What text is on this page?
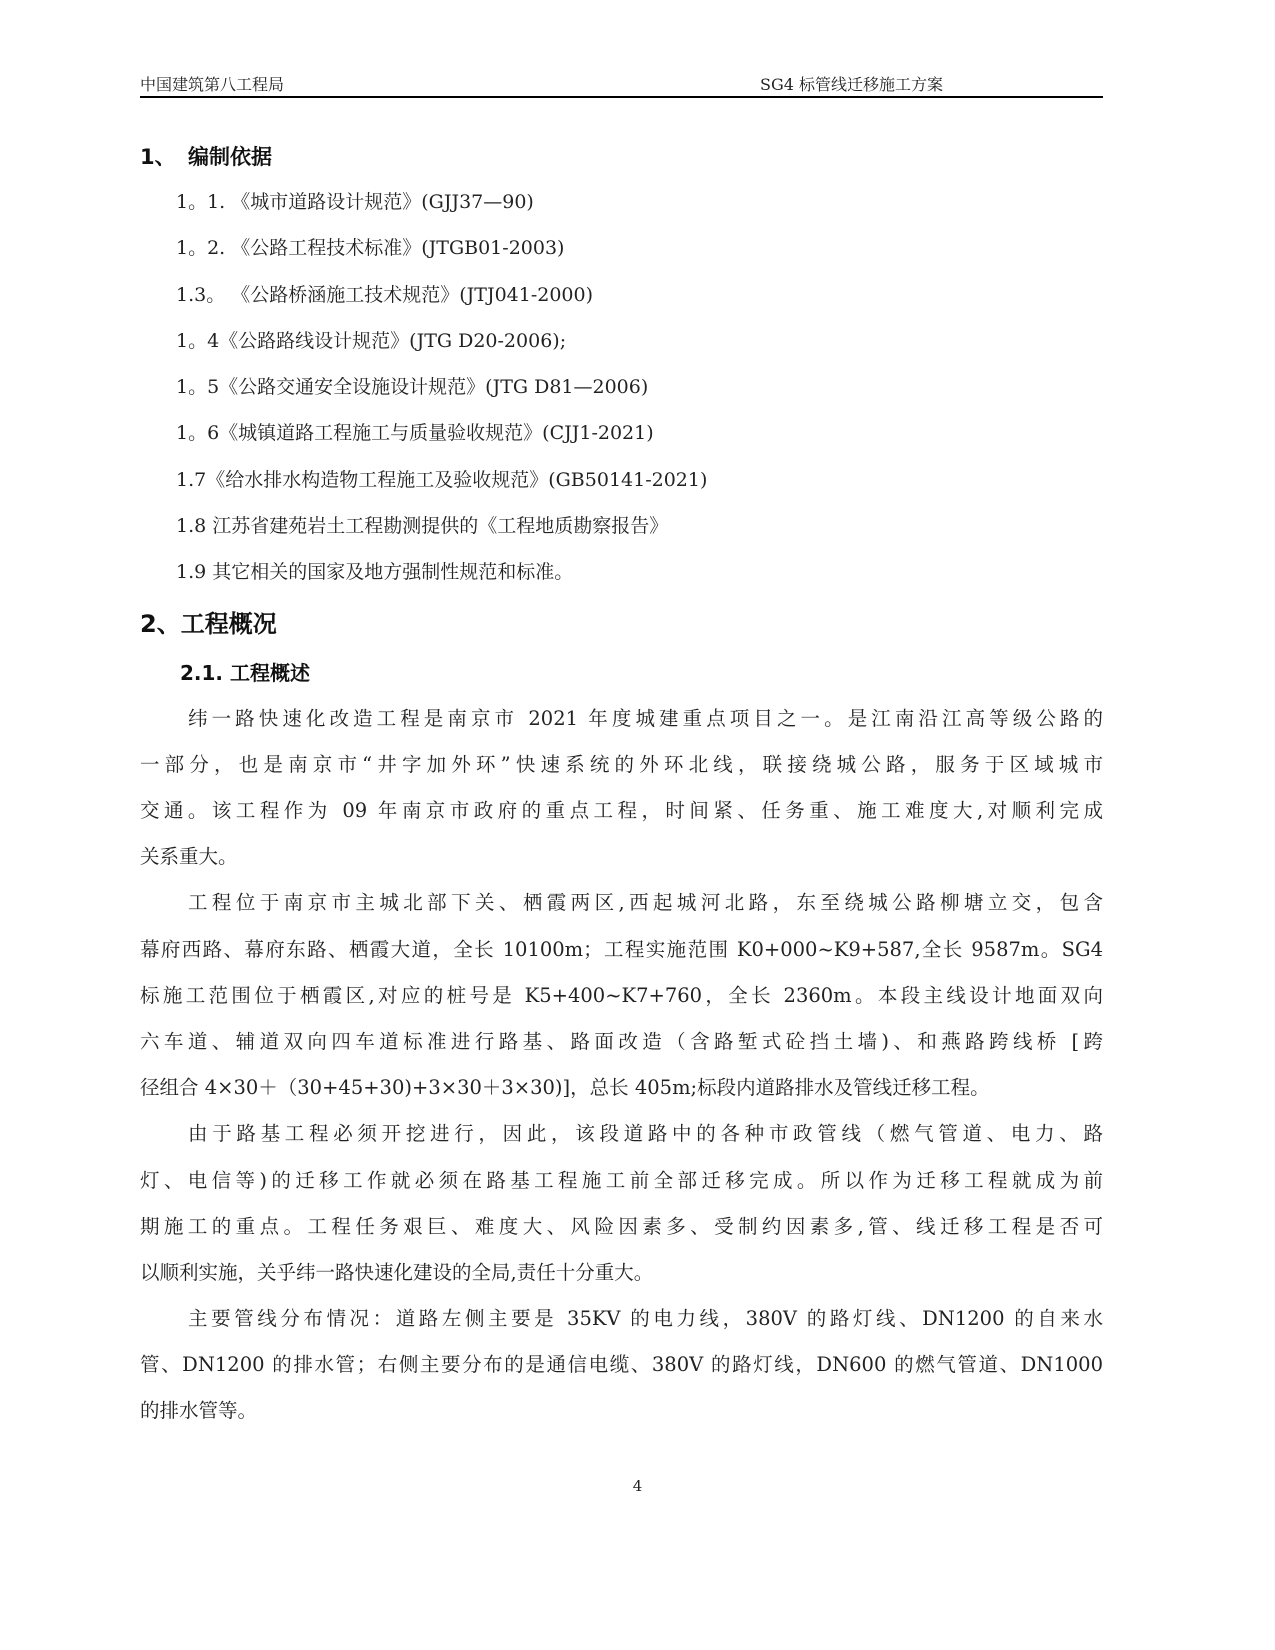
中国建筑第八工程局	SG4 标管线迁移施工方案
1、 编制依据
1。1. 《城市道路设计规范》(GJJ37—90)
1。2. 《公路工程技术标准》(JTGB01-2003)
1.3。 《公路桥涵施工技术规范》(JTJ041-2000)
1。4《公路路线设计规范》(JTG D20-2006);
1。5《公路交通安全设施设计规范》(JTG D81—2006)
1。6《城镇道路工程施工与质量验收规范》(CJJ1-2021)
1.7《给水排水构造物工程施工及验收规范》(GB50141-2021)
1.8 江苏省建苑岩土工程勘测提供的《工程地质勘察报告》
1.9 其它相关的国家及地方强制性规范和标准。
2、工程概况
2.1. 工程概述
纬一路快速化改造工程是南京市 2021 年度城建重点项目之一。是江南沿江高等级公路的
一部分，也是南京市“井字加外环”快速系统的外环北线，联接绕城公路，服务于区域城市
交通。该工程作为 09 年南京市政府的重点工程，时间紧、任务重、施工难度大,对顺利完成
关系重大。
工程位于南京市主城北部下关、栖霞两区,西起城河北路，东至绕城公路柳塘立交，包含
幕府西路、幕府东路、栖霞大道，全长 10100m；工程实施范围 K0+000~K9+587,全长 9587m。SG4
标施工范围位于栖霞区,对应的桩号是 K5+400~K7+760，全长 2360m。本段主线设计地面双向
六车道、辅道双向四车道标准进行路基、路面改造（含路堑式砼挡土墙)、和燕路跨线桥 [跨
径组合 4×30＋（30+45+30)+3×30＋3×30)]，总长 405m;标段内道路排水及管线迁移工程。
由于路基工程必须开挖进行，因此，该段道路中的各种市政管线（燃气管道、电力、路
灯、电信等)的迁移工作就必须在路基工程施工前全部迁移完成。所以作为迁移工程就成为前
期施工的重点。工程任务艰巨、难度大、风险因素多、受制约因素多,管、线迁移工程是否可
以顺利实施，关乎纬一路快速化建设的全局,责任十分重大。
主要管线分布情况：道路左侧主要是 35KV 的电力线，380V 的路灯线、DN1200 的自来水
管、DN1200 的排水管；右侧主要分布的是通信电缆、380V 的路灯线，DN600 的燃气管道、DN1000
的排水管等。
4
